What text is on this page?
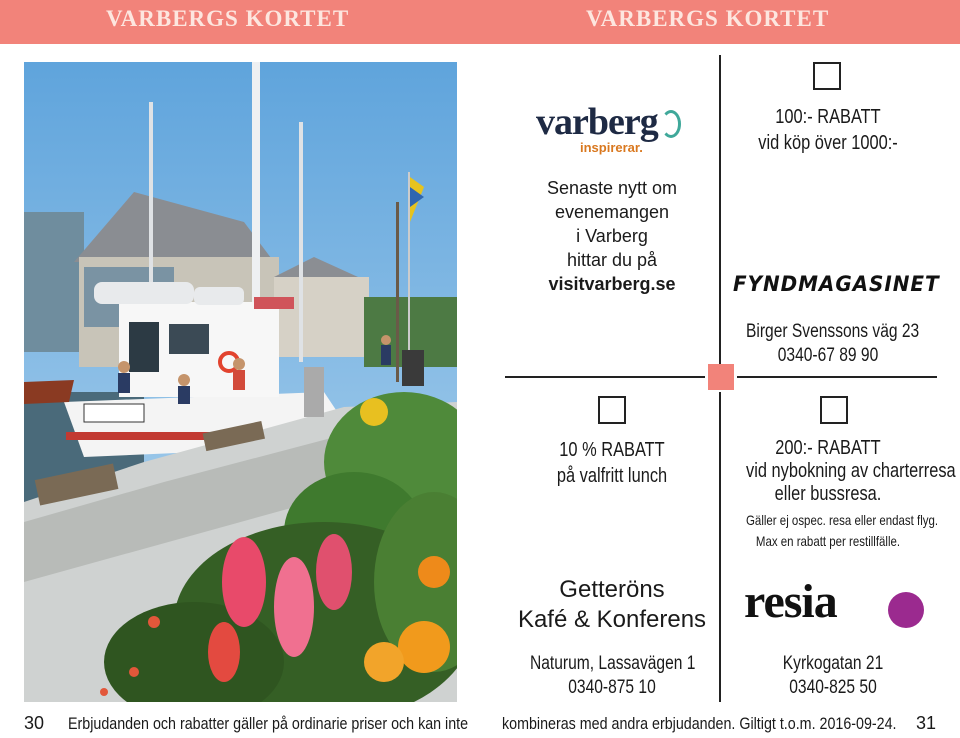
VARBERGS KORTET	VARBERGS KORTET
varberg
inspirerar.
Senaste nytt om
evenemangen
i Varberg
hittar du på
visitvarberg.se
100:- RABATT
vid köp över 1000:-
FYNDMAGASINET
Birger Svenssons väg 23
0340-67 89 90
10 % RABATT
på valfritt lunch
Getteröns
Kafé & Konferens
Naturum, Lassavägen 1
0340-875 10
200:- RABATT
vid nybokning av charterresa
eller bussresa.
Gäller ej ospec. resa eller endast flyg.
Max en rabatt per restillfälle.
resia
Kyrkogatan 21
0340-825 50
30 Erbjudanden och rabatter gäller på ordinarie priser och kan inte kombineras med andra erbjudanden. Giltigt t.o.m. 2016-09-24. 31
